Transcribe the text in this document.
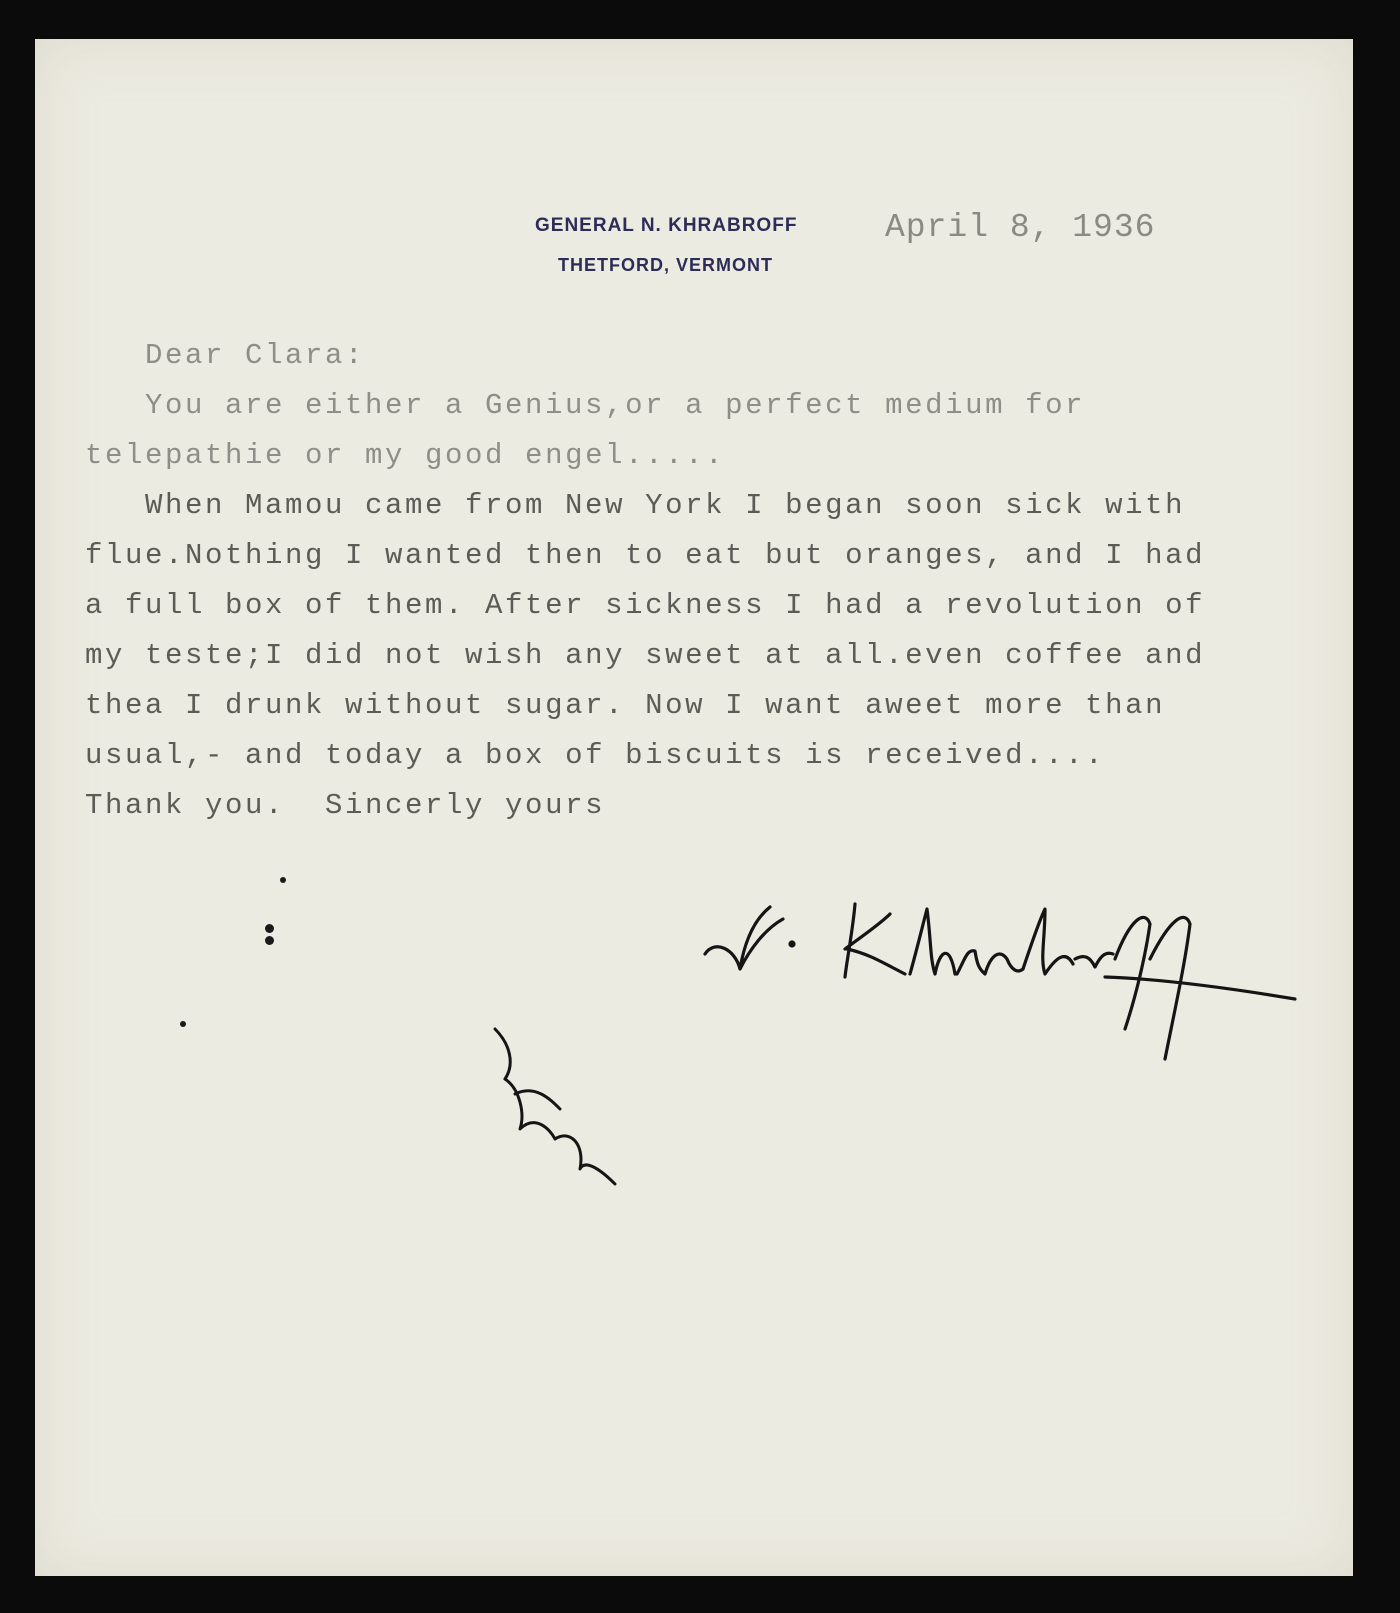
GENERAL N. KHRABROFF
THETFORD, VERMONT
April 8, 1936
Dear Clara:
You are either a Genius,or a perfect medium for
telepathie or my good engel.....
When Mamou came from New York I began soon sick with
flue.Nothing I wanted then to eat but oranges, and I had
a full box of them. After sickness I had a revolution of
my teste;I did not wish any sweet at all.even coffee and
thea I drunk without sugar. Now I want aweet more than
usual,- and today a box of biscuits is received....
Thank you.  Sincerly yours
